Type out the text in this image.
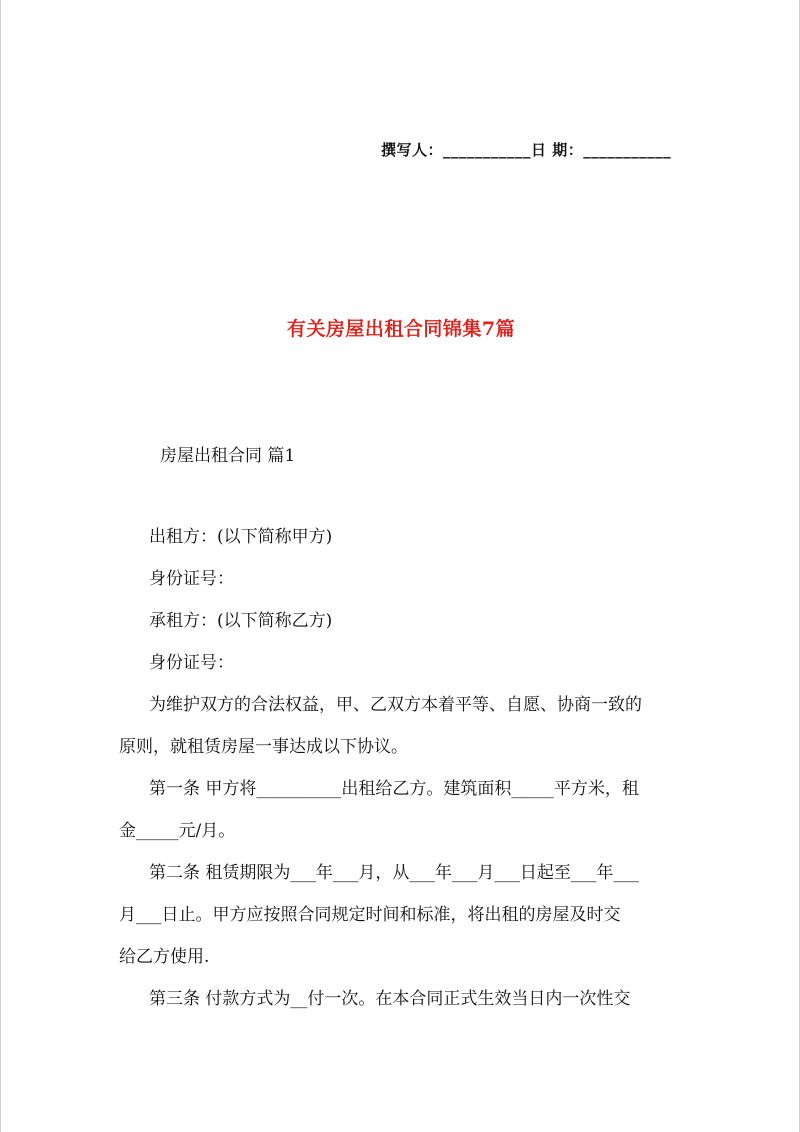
撰写人：___________日 期：___________
有关房屋出租合同锦集7篇
房屋出租合同 篇1
出租方：(以下简称甲方)
身份证号：
承租方：(以下简称乙方)
身份证号：
为维护双方的合法权益，甲、乙双方本着平等、自愿、协商一致的
原则，就租赁房屋一事达成以下协议。
第一条 甲方将__________出租给乙方。建筑面积_____平方米，租
金_____元/月。
第二条 租赁期限为___年___月，从___年___月___日起至___年___
月___日止。甲方应按照合同规定时间和标准，将出租的房屋及时交
给乙方使用.
第三条 付款方式为__付一次。在本合同正式生效当日内一次性交
